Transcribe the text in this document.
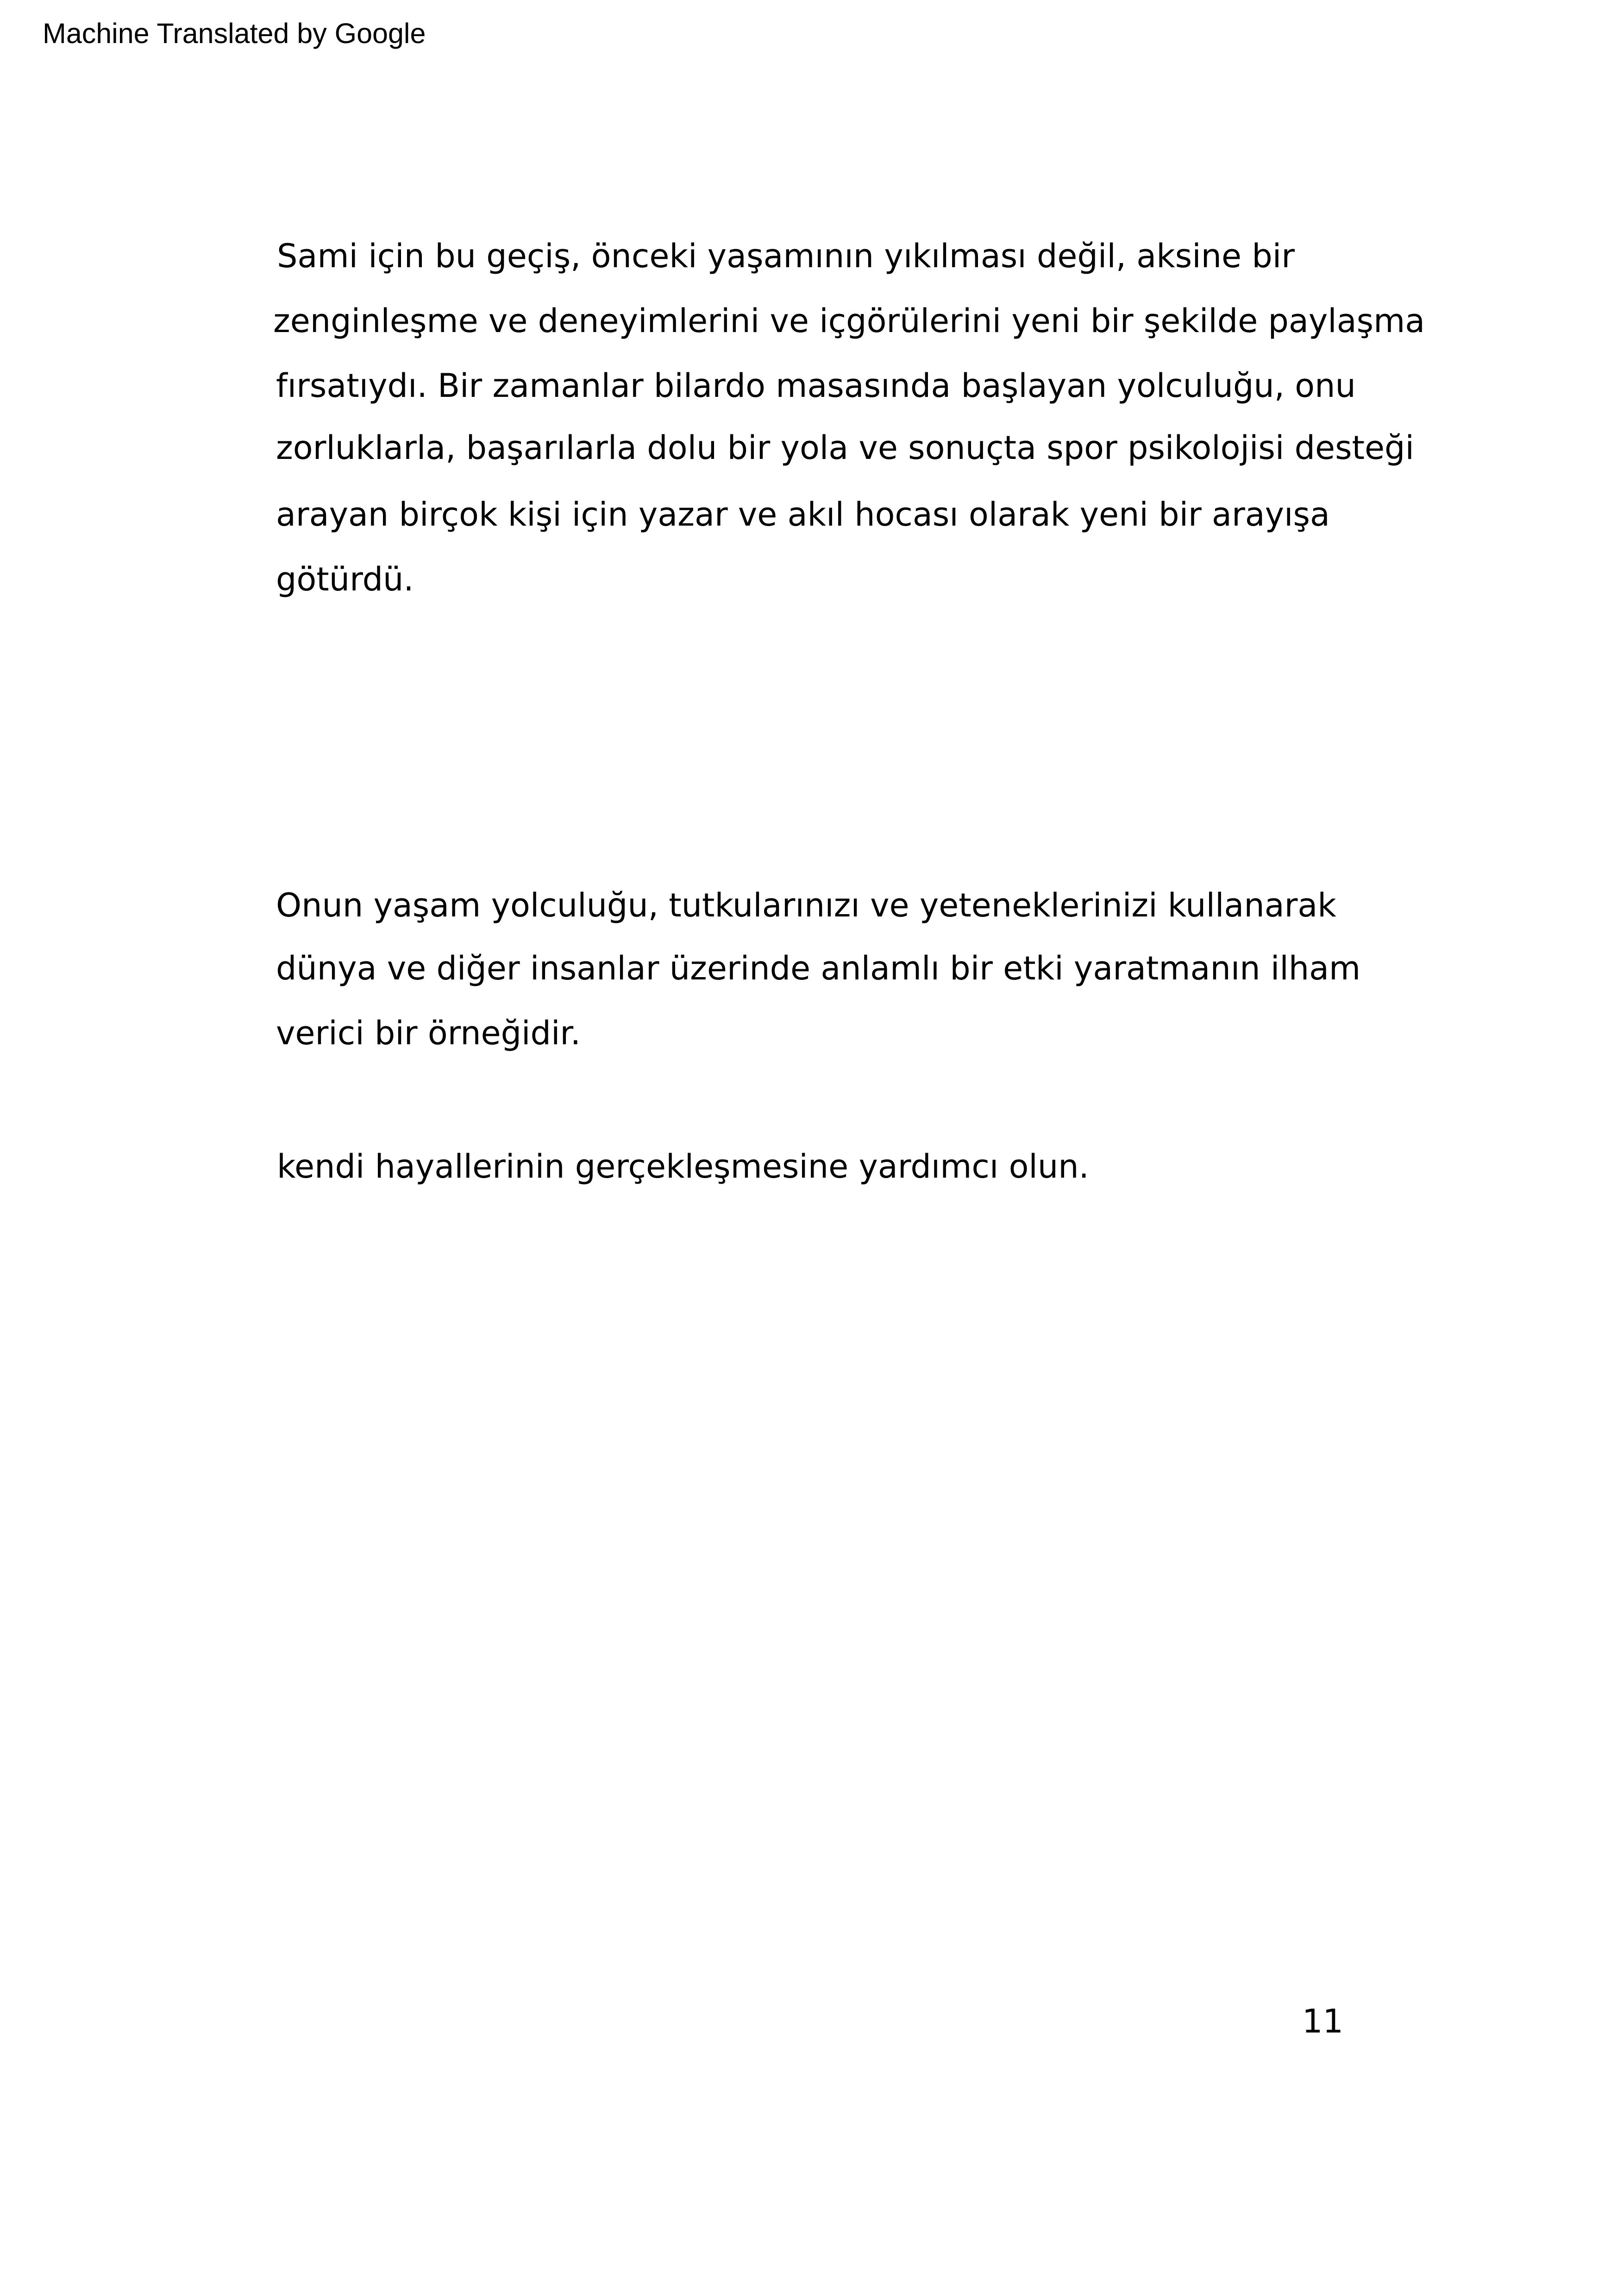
Machine Translated by Google
Sami için bu geçiş, önceki yaşamının yıkılması değil, aksine bir
zenginleşme ve deneyimlerini ve içgörülerini yeni bir şekilde paylaşma
fırsatıydı. Bir zamanlar bilardo masasında başlayan yolculuğu, onu
zorluklarla, başarılarla dolu bir yola ve sonuçta spor psikolojisi desteği
arayan birçok kişi için yazar ve akıl hocası olarak yeni bir arayışa
götürdü.
Onun yaşam yolculuğu, tutkularınızı ve yeteneklerinizi kullanarak
dünya ve diğer insanlar üzerinde anlamlı bir etki yaratmanın ilham
verici bir örneğidir.
kendi hayallerinin gerçekleşmesine yardımcı olun.
11
